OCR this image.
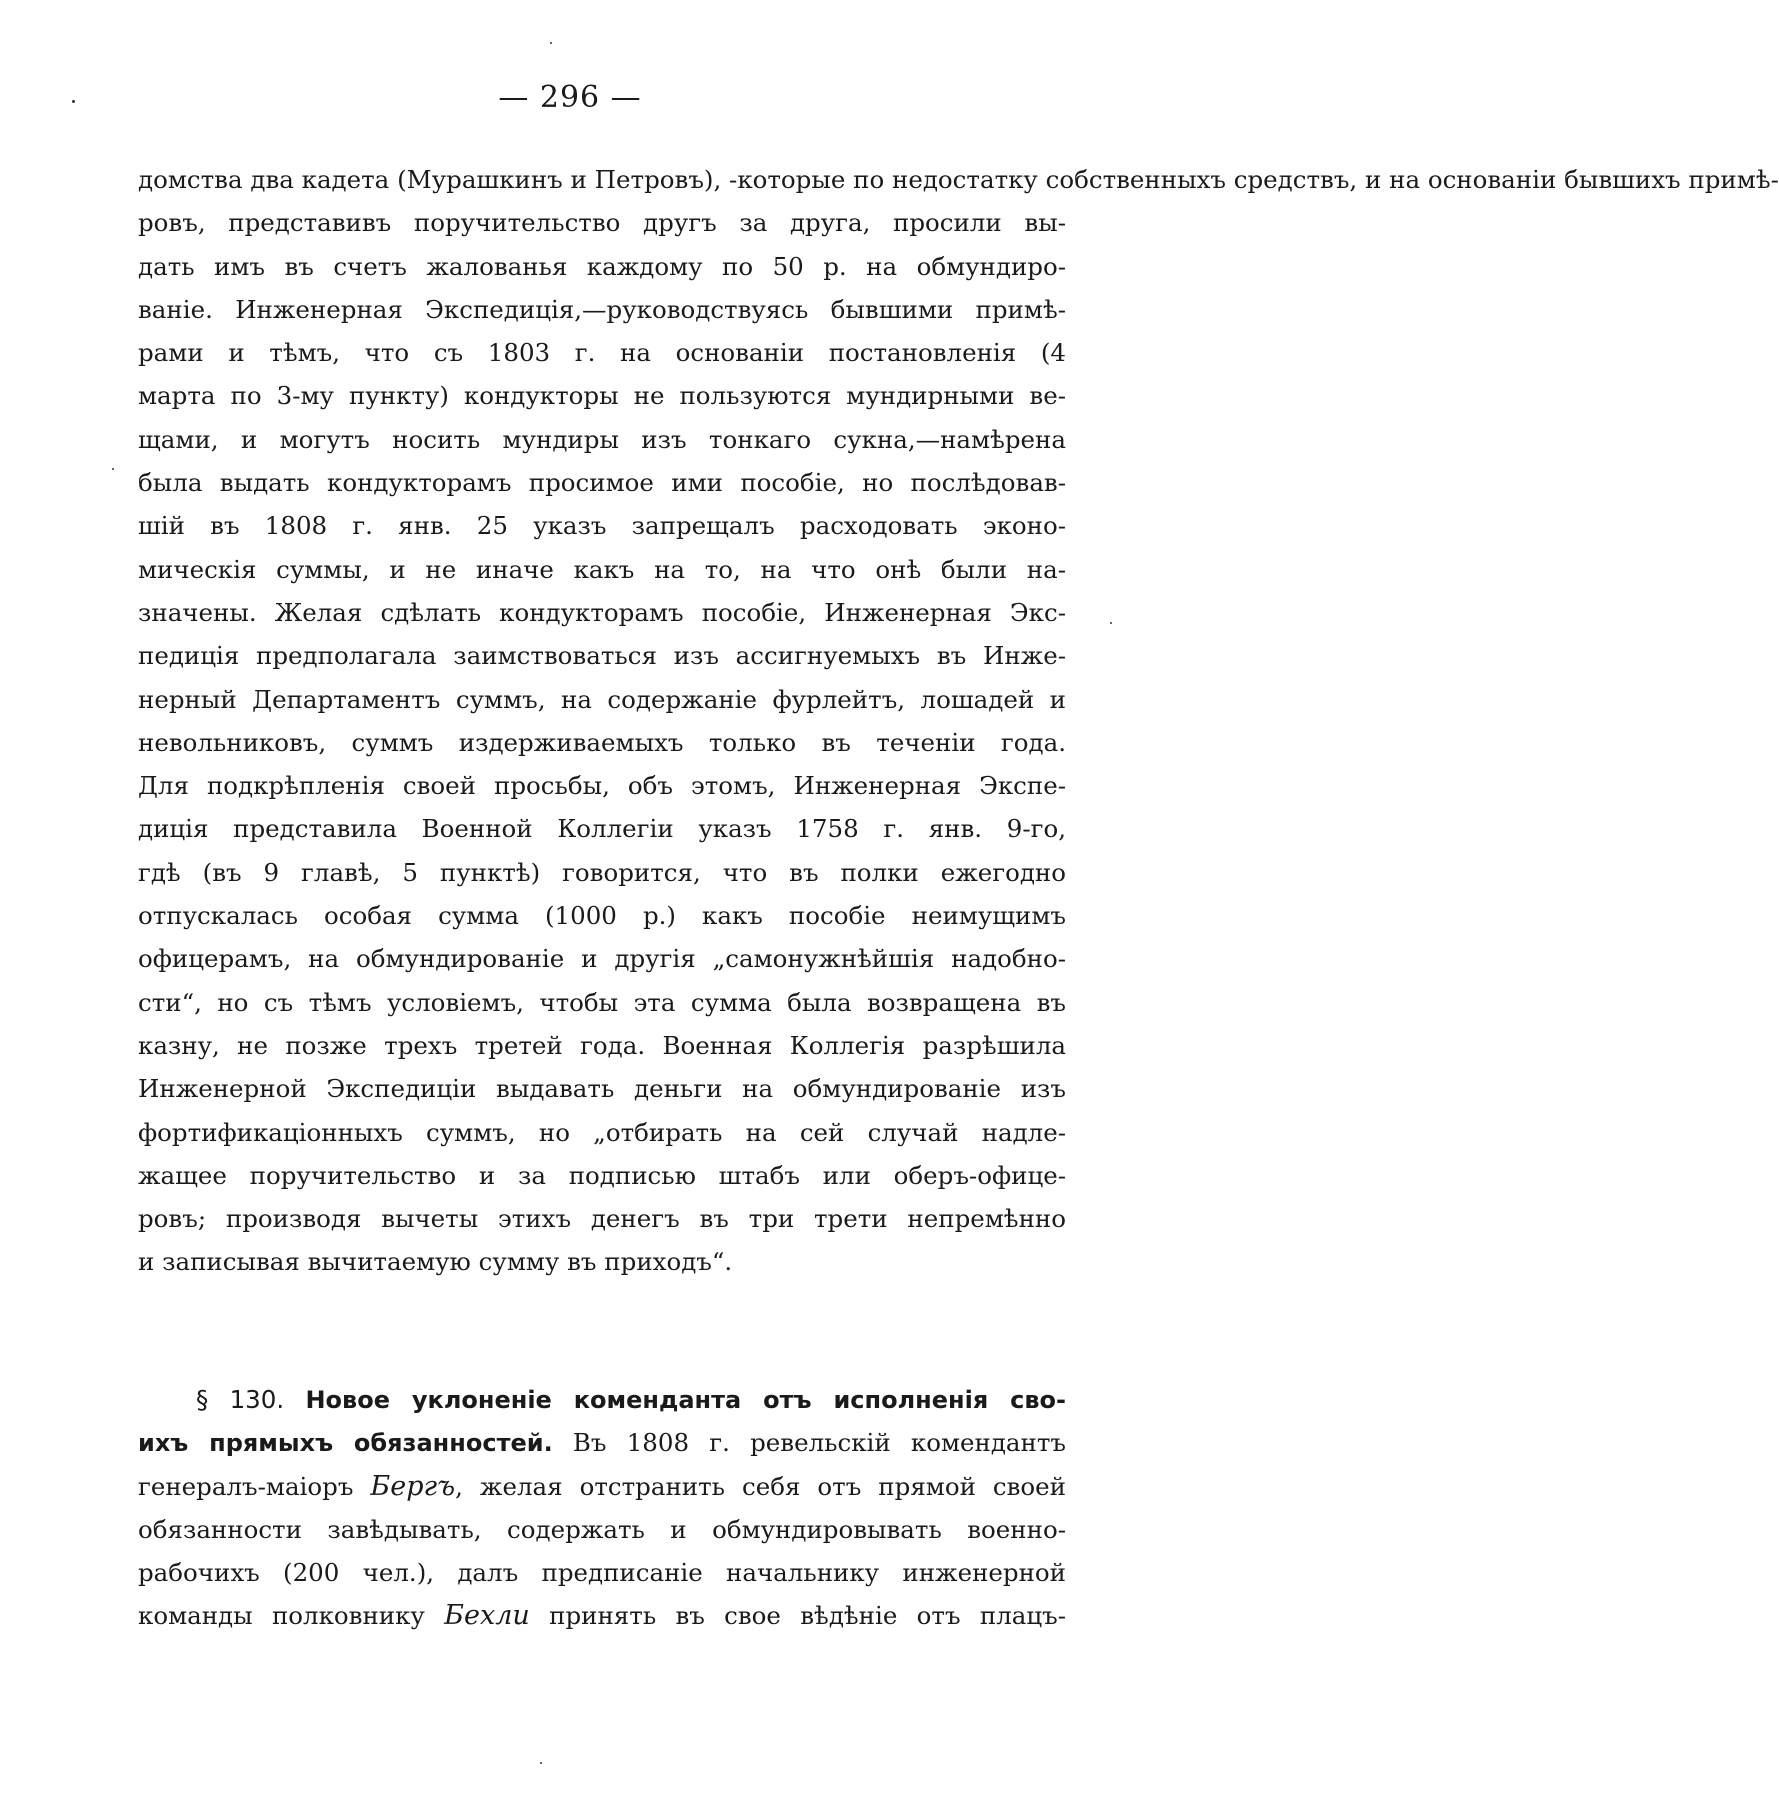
— 296 —
домства два кадета (Мурашкинъ и Петровъ), -которые по недостатку собственныхъ средствъ, и на основаніи бывшихъ примѣ-
ровъ, представивъ поручительство другъ за друга, просили вы-
дать имъ въ счетъ жалованья каждому по 50 р. на обмундиро-
ваніе. Инженерная Экспедиція,—руководствуясь бывшими примѣ-
рами и тѣмъ, что съ 1803 г. на основаніи постановленія (4
марта по 3-му пункту) кондукторы не пользуются мундирными ве-
щами, и могутъ носить мундиры изъ тонкаго сукна,—намѣрена
была выдать кондукторамъ просимое ими пособіе, но послѣдовав-
шій въ 1808 г. янв. 25 указъ запрещалъ расходовать эконо-
мическія суммы, и не иначе какъ на то, на что онѣ были на-
значены. Желая сдѣлать кондукторамъ пособіе, Инженерная Экс-
педиція предполагала заимствоваться изъ ассигнуемыхъ въ Инже-
нерный Департаментъ суммъ, на содержаніе фурлейтъ, лошадей и
невольниковъ, суммъ издерживаемыхъ только въ теченіи года.
Для подкрѣпленія своей просьбы, объ этомъ, Инженерная Экспе-
диція представила Военной Коллегіи указъ 1758 г. янв. 9-го,
гдѣ (въ 9 главѣ, 5 пунктѣ) говорится, что въ полки ежегодно
отпускалась особая сумма (1000 р.) какъ пособіе неимущимъ
офицерамъ, на обмундированіе и другія „самонужнѣйшія надобно-
сти“, но съ тѣмъ условіемъ, чтобы эта сумма была возвращена въ
казну, не позже трехъ третей года. Военная Коллегія разрѣшила
Инженерной Экспедиціи выдавать деньги на обмундированіе изъ
фортификаціонныхъ суммъ, но „отбирать на сей случай надле-
жащее поручительство и за подписью штабъ или оберъ-офице-
ровъ; производя вычеты этихъ денегъ въ три трети непремѣнно
и записывая вычитаемую сумму въ приходъ“.
§ 130. Новое уклоненіе коменданта отъ исполненія сво-
ихъ прямыхъ обязанностей. Въ 1808 г. ревельскій комендантъ
генералъ-маіоръ Бергъ, желая отстранить себя отъ прямой своей
обязанности завѣдывать, содержать и обмундировывать военно-
рабочихъ (200 чел.), далъ предписаніе начальнику инженерной
команды полковнику Бехли принять въ свое вѣдѣніе отъ плацъ-
